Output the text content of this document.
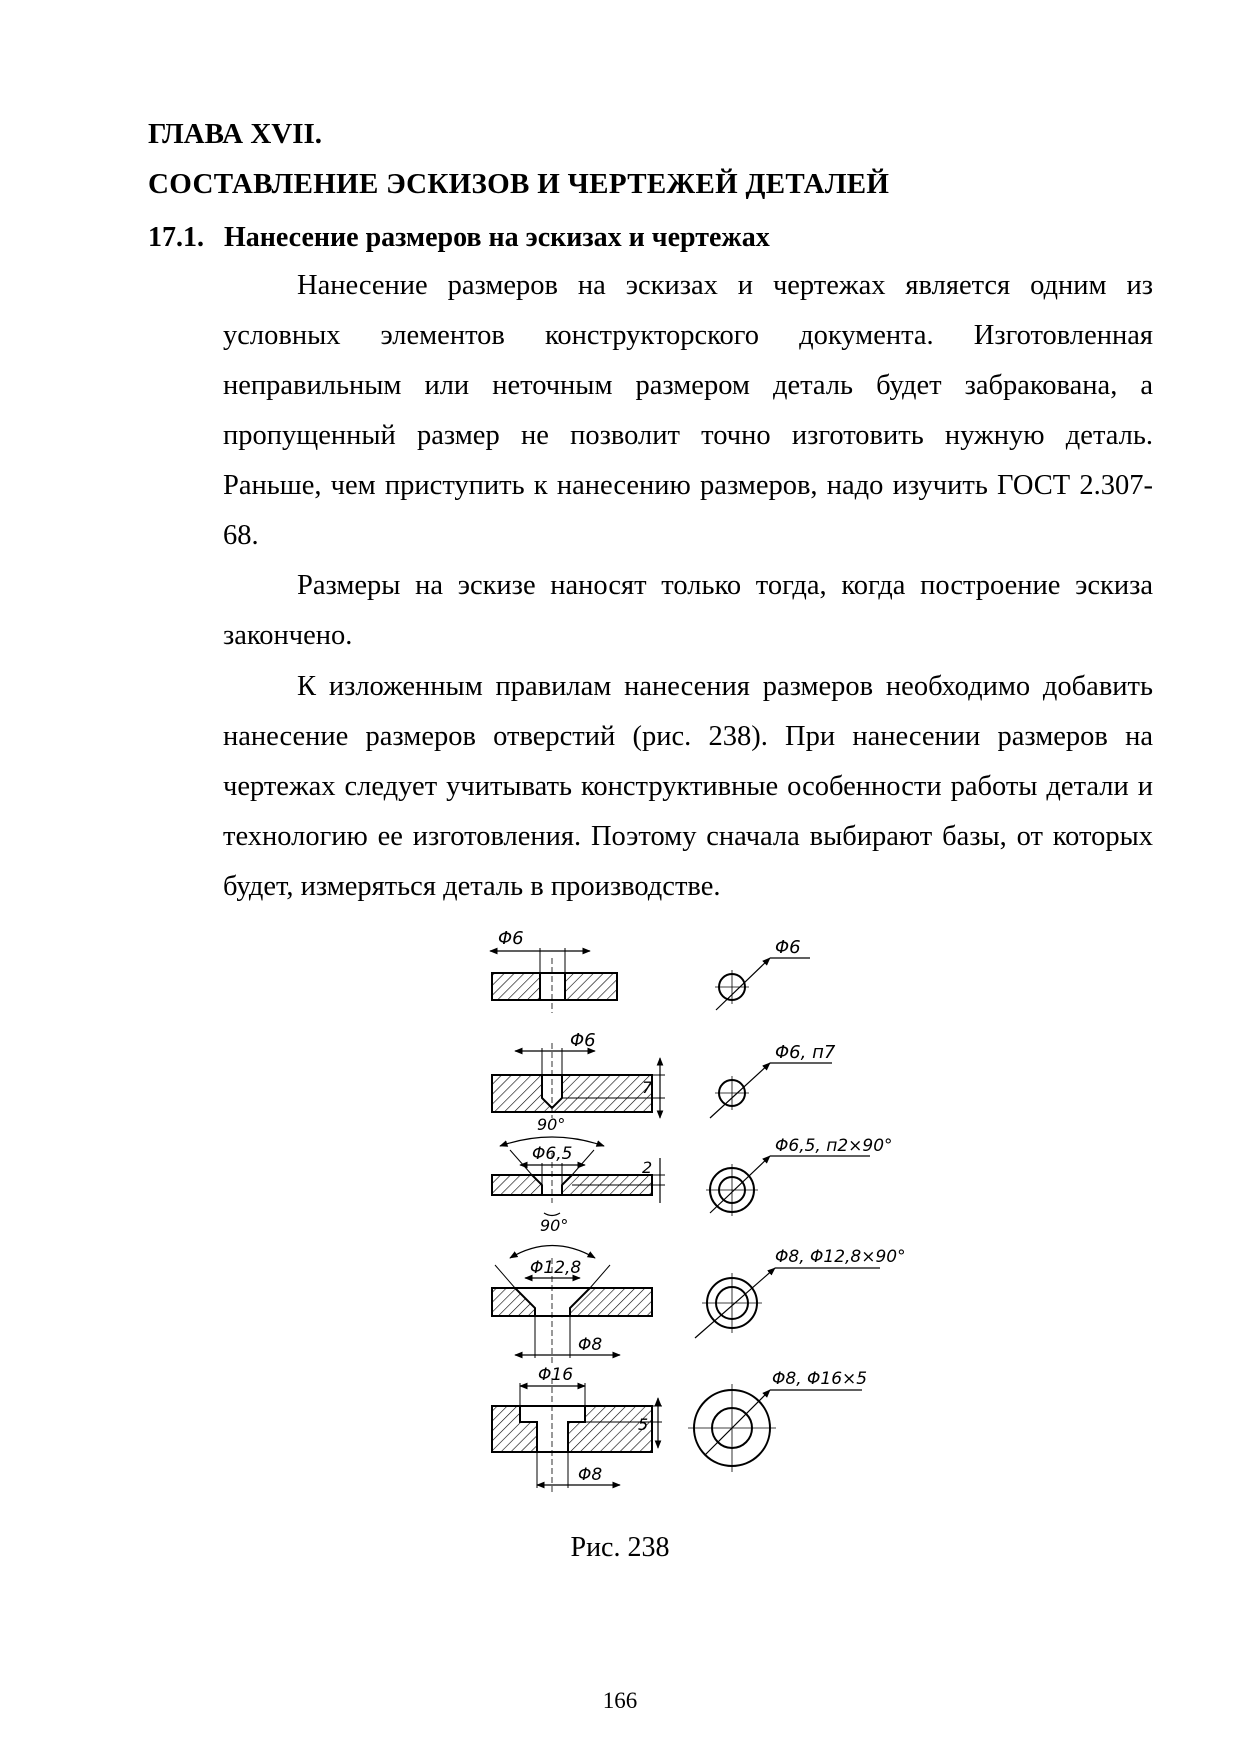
ГЛАВА XVII.
СОСТАВЛЕНИЕ ЭСКИЗОВ И ЧЕРТЕЖЕЙ ДЕТАЛЕЙ
17.1. Нанесение размеров на эскизах и чертежах

Нанесение размеров на эскизах и чертежах является одним из условных элементов конструкторского документа. Изготовленная неправильным или неточным размером деталь будет забракована, а пропущенный размер не позволит точно изготовить нужную деталь. Раньше, чем приступить к нанесению размеров, надо изучить ГОСТ 2.307-68.

Размеры на эскизе наносят только тогда, когда построение эскиза закончено.

К изложенным правилам нанесения размеров необходимо добавить нанесение размеров отверстий (рис. 238). При нанесении размеров на чертежах следует учитывать конструктивные особенности работы детали и технологию ее изготовления. Поэтому сначала выбирают базы, от которых будет, измеряться деталь в производстве.

Φ6	Φ6
Φ6
7
90°
Φ6, п7
Φ6,5
2
90°
Φ6,5, п2×90°
Φ12,8
Φ8
Φ8, Φ12,8×90°
Φ16
5
Φ8
Φ8, Φ16×5
Рис. 238
166
